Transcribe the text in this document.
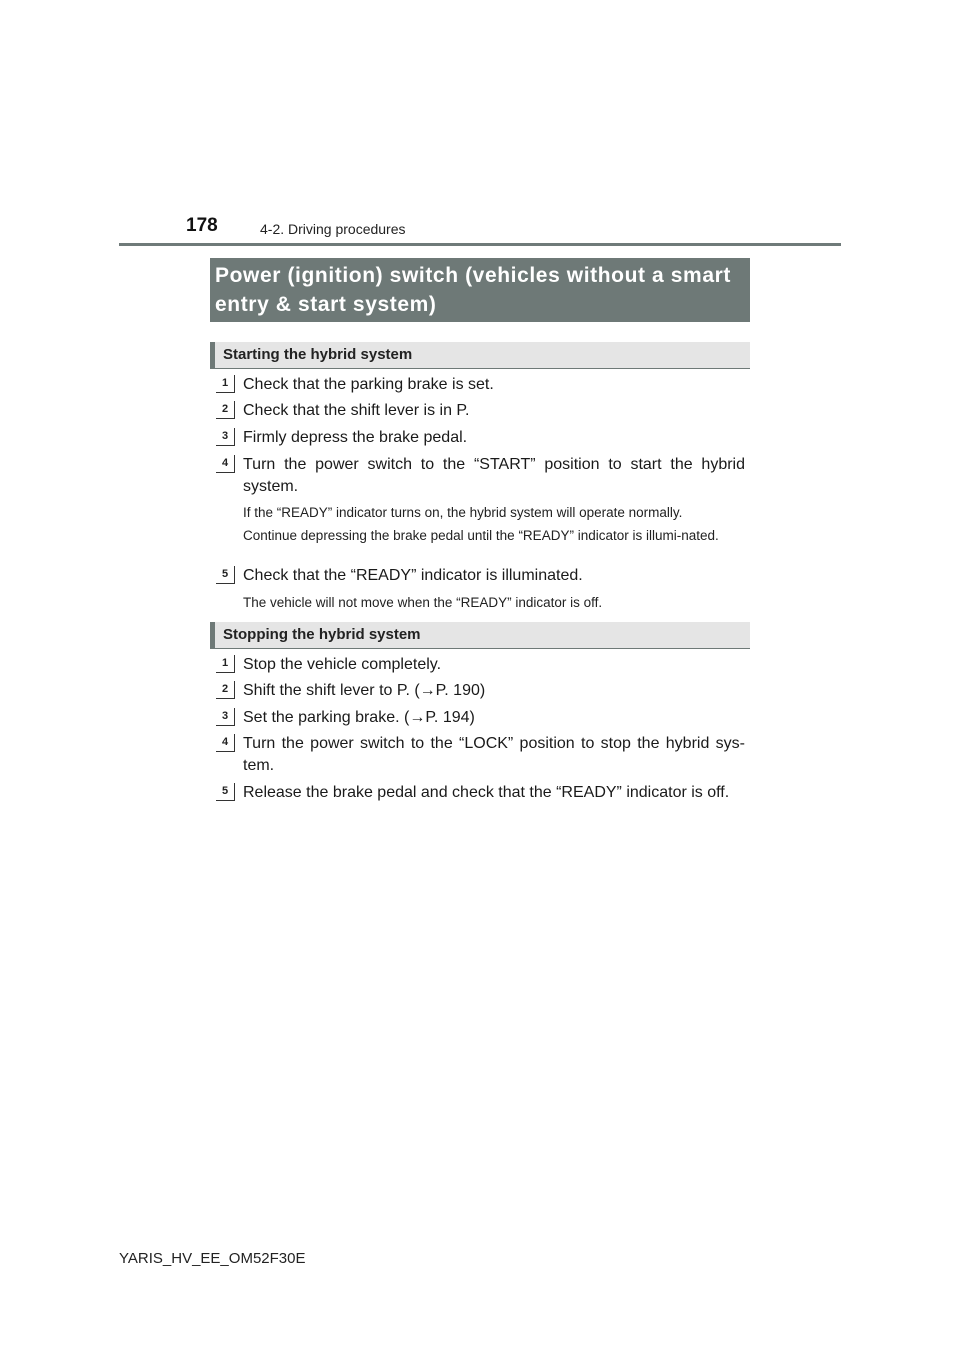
178	4-2. Driving procedures
Power (ignition) switch (vehicles without a smart entry & start system)
Starting the hybrid system
1 Check that the parking brake is set.
2 Check that the shift lever is in P.
3 Firmly depress the brake pedal.
4 Turn the power switch to the “START” position to start the hybrid system.
If the “READY” indicator turns on, the hybrid system will operate normally.
Continue depressing the brake pedal until the “READY” indicator is illumi-nated.
5 Check that the “READY” indicator is illuminated.
The vehicle will not move when the “READY” indicator is off.
Stopping the hybrid system
1 Stop the vehicle completely.
2 Shift the shift lever to P. (→P. 190)
3 Set the parking brake. (→P. 194)
4 Turn the power switch to the “LOCK” position to stop the hybrid sys-tem.
5 Release the brake pedal and check that the “READY” indicator is off.
YARIS_HV_EE_OM52F30E
